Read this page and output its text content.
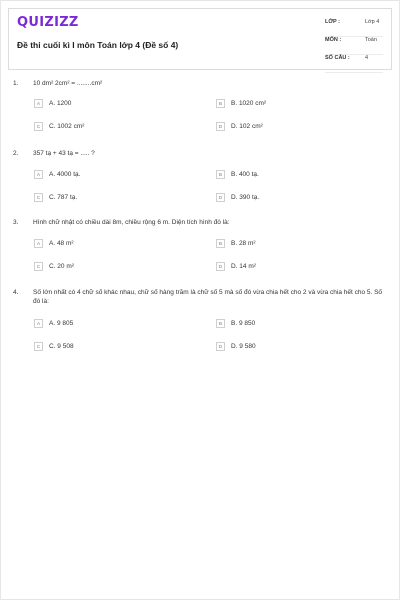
QUIZIZZ
Đề thi cuối kì I môn Toán lớp 4 (Đề số 4)
LỚP :	Lớp 4
MÔN :	Toán
SỐ CÂU :	4
1. 10 dm² 2cm² = ........cm²
A	A. 1200	B	B. 1020 cm²
C	C. 1002 cm²	D	D. 102 cm²
2. 357 tạ + 43 tạ = ..... ?
A	A. 4000 tạ.	B	B. 400 tạ.
C	C. 787 tạ.	D	D. 390 tạ.
3. Hình chữ nhật có chiều dài 8m, chiều rộng 6 m. Diện tích hình đó là:
A	A. 48 m²	B	B. 28 m²
C	C. 20 m²	D	D. 14 m²
4. Số lớn nhất có 4 chữ số khác nhau, chữ số hàng trăm là chữ số 5 mà số đó vừa chia hết cho 2 và vừa chia hết cho 5. Số đó là:
A	A. 9 805	B	B. 9 850
C	C. 9 508	D	D. 9 580
